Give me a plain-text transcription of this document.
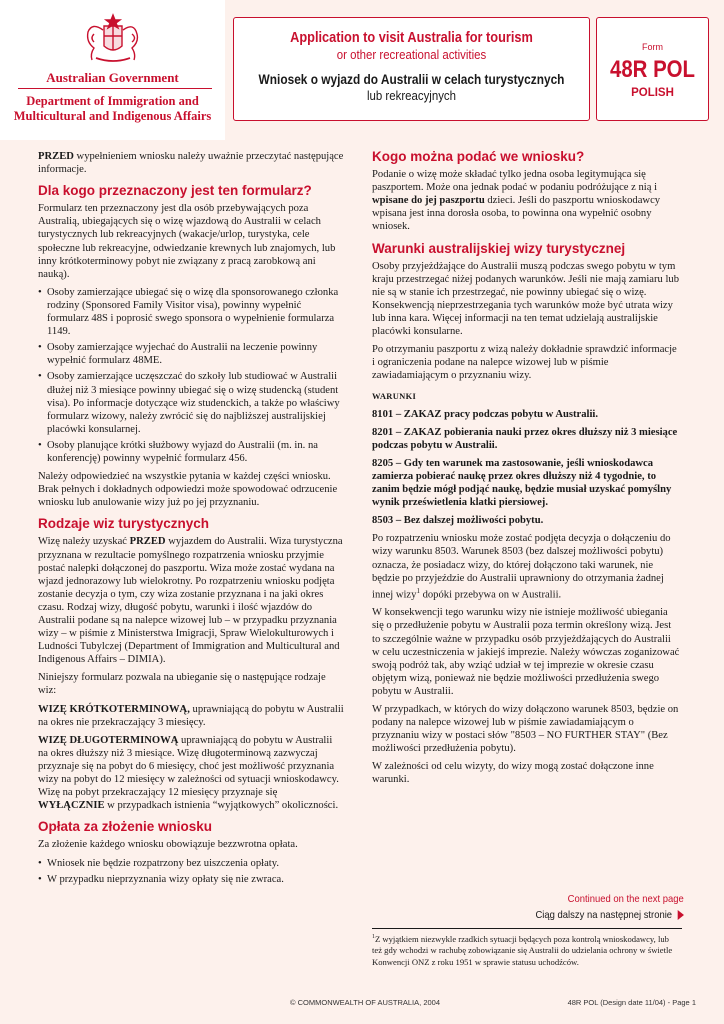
Australian Government
Department of Immigration and
Multicultural and Indigenous Affairs
Application to visit Australia for tourism
or other recreational activities
Wniosek o wyjazd do Australii w celach turystycznych
lub rekreacyjnych
Form
48R POL
POLISH

PRZED wypełnieniem wniosku należy uważnie przeczytać następujące informacje.

Dla kogo przeznaczony jest ten formularz?

Formularz ten przeznaczony jest dla osób przebywających poza Australią, ubiegających się o wizę wjazdową do Australii w celach turystycznych lub rekreacyjnych (wakacje/urlop, turystyka, cele społeczne lub rekreacyjne, odwiedzanie krewnych lub znajomych, lub inny krótkoterminowy pobyt nie związany z pracą zarobkową ani nauką).

• Osoby zamierzające ubiegać się o wizę dla sponsorowanego członka rodziny (Sponsored Family Visitor visa), powinny wypełnić formularz 48S i poprosić swego sponsora o wypełnienie formularza 1149.
• Osoby zamierzające wyjechać do Australii na leczenie powinny wypełnić formularz 48ME.
• Osoby zamierzające uczęszczać do szkoły lub studiować w Australii dłużej niż 3 miesiące powinny ubiegać się o wizę studencką (student visa). Po informacje dotyczące wiz studenckich, a także po właściwy formularz wizowy, należy zwrócić się do najbliższej australijskiej placówki konsularnej.
• Osoby planujące krótki służbowy wyjazd do Australii (m. in. na konferencję) powinny wypełnić formularz 456.

Należy odpowiedzieć na wszystkie pytania w każdej części wniosku. Brak pełnych i dokładnych odpowiedzi może spowodować odrzucenie wniosku lub anulowanie wizy już po jej przyznaniu.

Rodzaje wiz turystycznych

Wizę należy uzyskać PRZED wyjazdem do Australii. Wiza turystyczna przyznana w rezultacie pomyślnego rozpatrzenia wniosku przyjmie postać nalepki dołączonej do paszportu. Wiza może zostać wydana na wjazd jednorazowy lub wielokrotny. Po rozpatrzeniu wniosku podjęta zostanie decyzja o tym, czy wiza zostanie przyznana i na jaki okres czasu. Rodzaj wizy, długość pobytu, warunki i ilość wjazdów do Australii podane są na nalepce wizowej lub – w przypadku przyznania wizy – w piśmie z Ministerstwa Imigracji, Spraw Wielokulturowych i Ludności Tubylczej (Department of Immigration and Multicultural and Indigenous Affairs – DIMIA).

Niniejszy formularz pozwala na ubieganie się o następujące rodzaje wiz:

WIZĘ KRÓTKOTERMINOWĄ, uprawniającą do pobytu w Australii na okres nie przekraczający 3 miesięcy.

WIZĘ DŁUGOTERMINOWĄ uprawniającą do pobytu w Australii na okres dłuższy niż 3 miesiące. Wizę długoterminową zazwyczaj przyznaje się na pobyt do 6 miesięcy, choć jest możliwość przyznania wizy na pobyt do 12 miesięcy w zależności od sytuacji wnioskodawcy. Wizę na pobyt przekraczający 12 miesięcy przyznaje się WYŁĄCZNIE w przypadkach istnienia “wyjątkowych” okoliczności.

Opłata za złożenie wniosku

Za złożenie każdego wniosku obowiązuje bezzwrotna opłata.

• Wniosek nie będzie rozpatrzony bez uiszczenia opłaty.
• W przypadku nieprzyznania wizy opłaty się nie zwraca.
Kogo można podać we wniosku?

Podanie o wizę może składać tylko jedna osoba legitymująca się paszportem. Może ona jednak podać w podaniu podróżujące z nią i wpisane do jej paszportu dzieci. Jeśli do paszportu wnioskodawcy wpisana jest inna dorosła osoba, to powinna ona wypełnić osobny wniosek.

Warunki australijskiej wizy turystycznej

Osoby przyjeżdżające do Australii muszą podczas swego pobytu w tym kraju przestrzegać niżej podanych warunków. Jeśli nie mają zamiaru lub nie są w stanie ich przestrzegać, nie powinny ubiegać się o wizę. Konsekwencją nieprzestrzegania tych warunków może być utrata wizy lub inna kara. Więcej informacji na ten temat udzielają australijskie placówki konsularne.

Po otrzymaniu paszportu z wizą należy dokładnie sprawdzić informacje i ograniczenia podane na nalepce wizowej lub w piśmie zawiadamiającym o przyznaniu wizy.

WARUNKI

8101 – ZAKAZ pracy podczas pobytu w Australii.

8201 – ZAKAZ pobierania nauki przez okres dłuższy niż 3 miesiące podczas pobytu w Australii.

8205 – Gdy ten warunek ma zastosowanie, jeśli wnioskodawca zamierza pobierać naukę przez okres dłuższy niż 4 tygodnie, to zanim będzie mógł podjąć naukę, będzie musiał uzyskać pomyślny wynik prześwietlenia klatki piersiowej.

8503 – Bez dalszej możliwości pobytu.

Po rozpatrzeniu wniosku może zostać podjęta decyzja o dołączeniu do wizy warunku 8503. Warunek 8503 (bez dalszej możliwości pobytu) oznacza, że posiadacz wizy, do której dołączono taki warunek, nie będzie po przyjeździe do Australii uprawniony do otrzymania żadnej innej wizy$^1$ dopóki przebywa on w Australii.

W konsekwencji tego warunku wizy nie istnieje możliwość ubiegania się o przedłużenie pobytu w Australii poza termin określony wizą. Jest to szczególnie ważne w przypadku osób przyjeżdżających do Australii w celu uczestniczenia w jakiejś imprezie. Należy wówczas zoganizować swoją podróż tak, aby wziąć udział w tej imprezie w okresie czasu objętym wizą, ponieważ nie będzie możliwości przedłużenia swego pobytu w Australii.

W przypadkach, w których do wizy dołączono warunek 8503, będzie on podany na nalepce wizowej lub w piśmie zawiadamiającym o przyznaniu wizy w postaci słów "8503 – NO FURTHER STAY" (Bez możliwości przedłużenia pobytu).

W zależności od celu wizyty, do wizy mogą zostać dołączone inne warunki.

Continued on the next page
Ciąg dalszy na następnej stronie
$^1$Z wyjątkiem niezwykle rzadkich sytuacji będących poza kontrolą wnioskodawcy, lub też gdy wchodzi w rachubę zobowiązanie się Australii do udzielania ochrony w świetle Konwencji ONZ z roku 1951 w sprawie statusu uchodźców.
© COMMONWEALTH OF AUSTRALIA, 2004	48R POL (Design date 11/04) - Page 1
